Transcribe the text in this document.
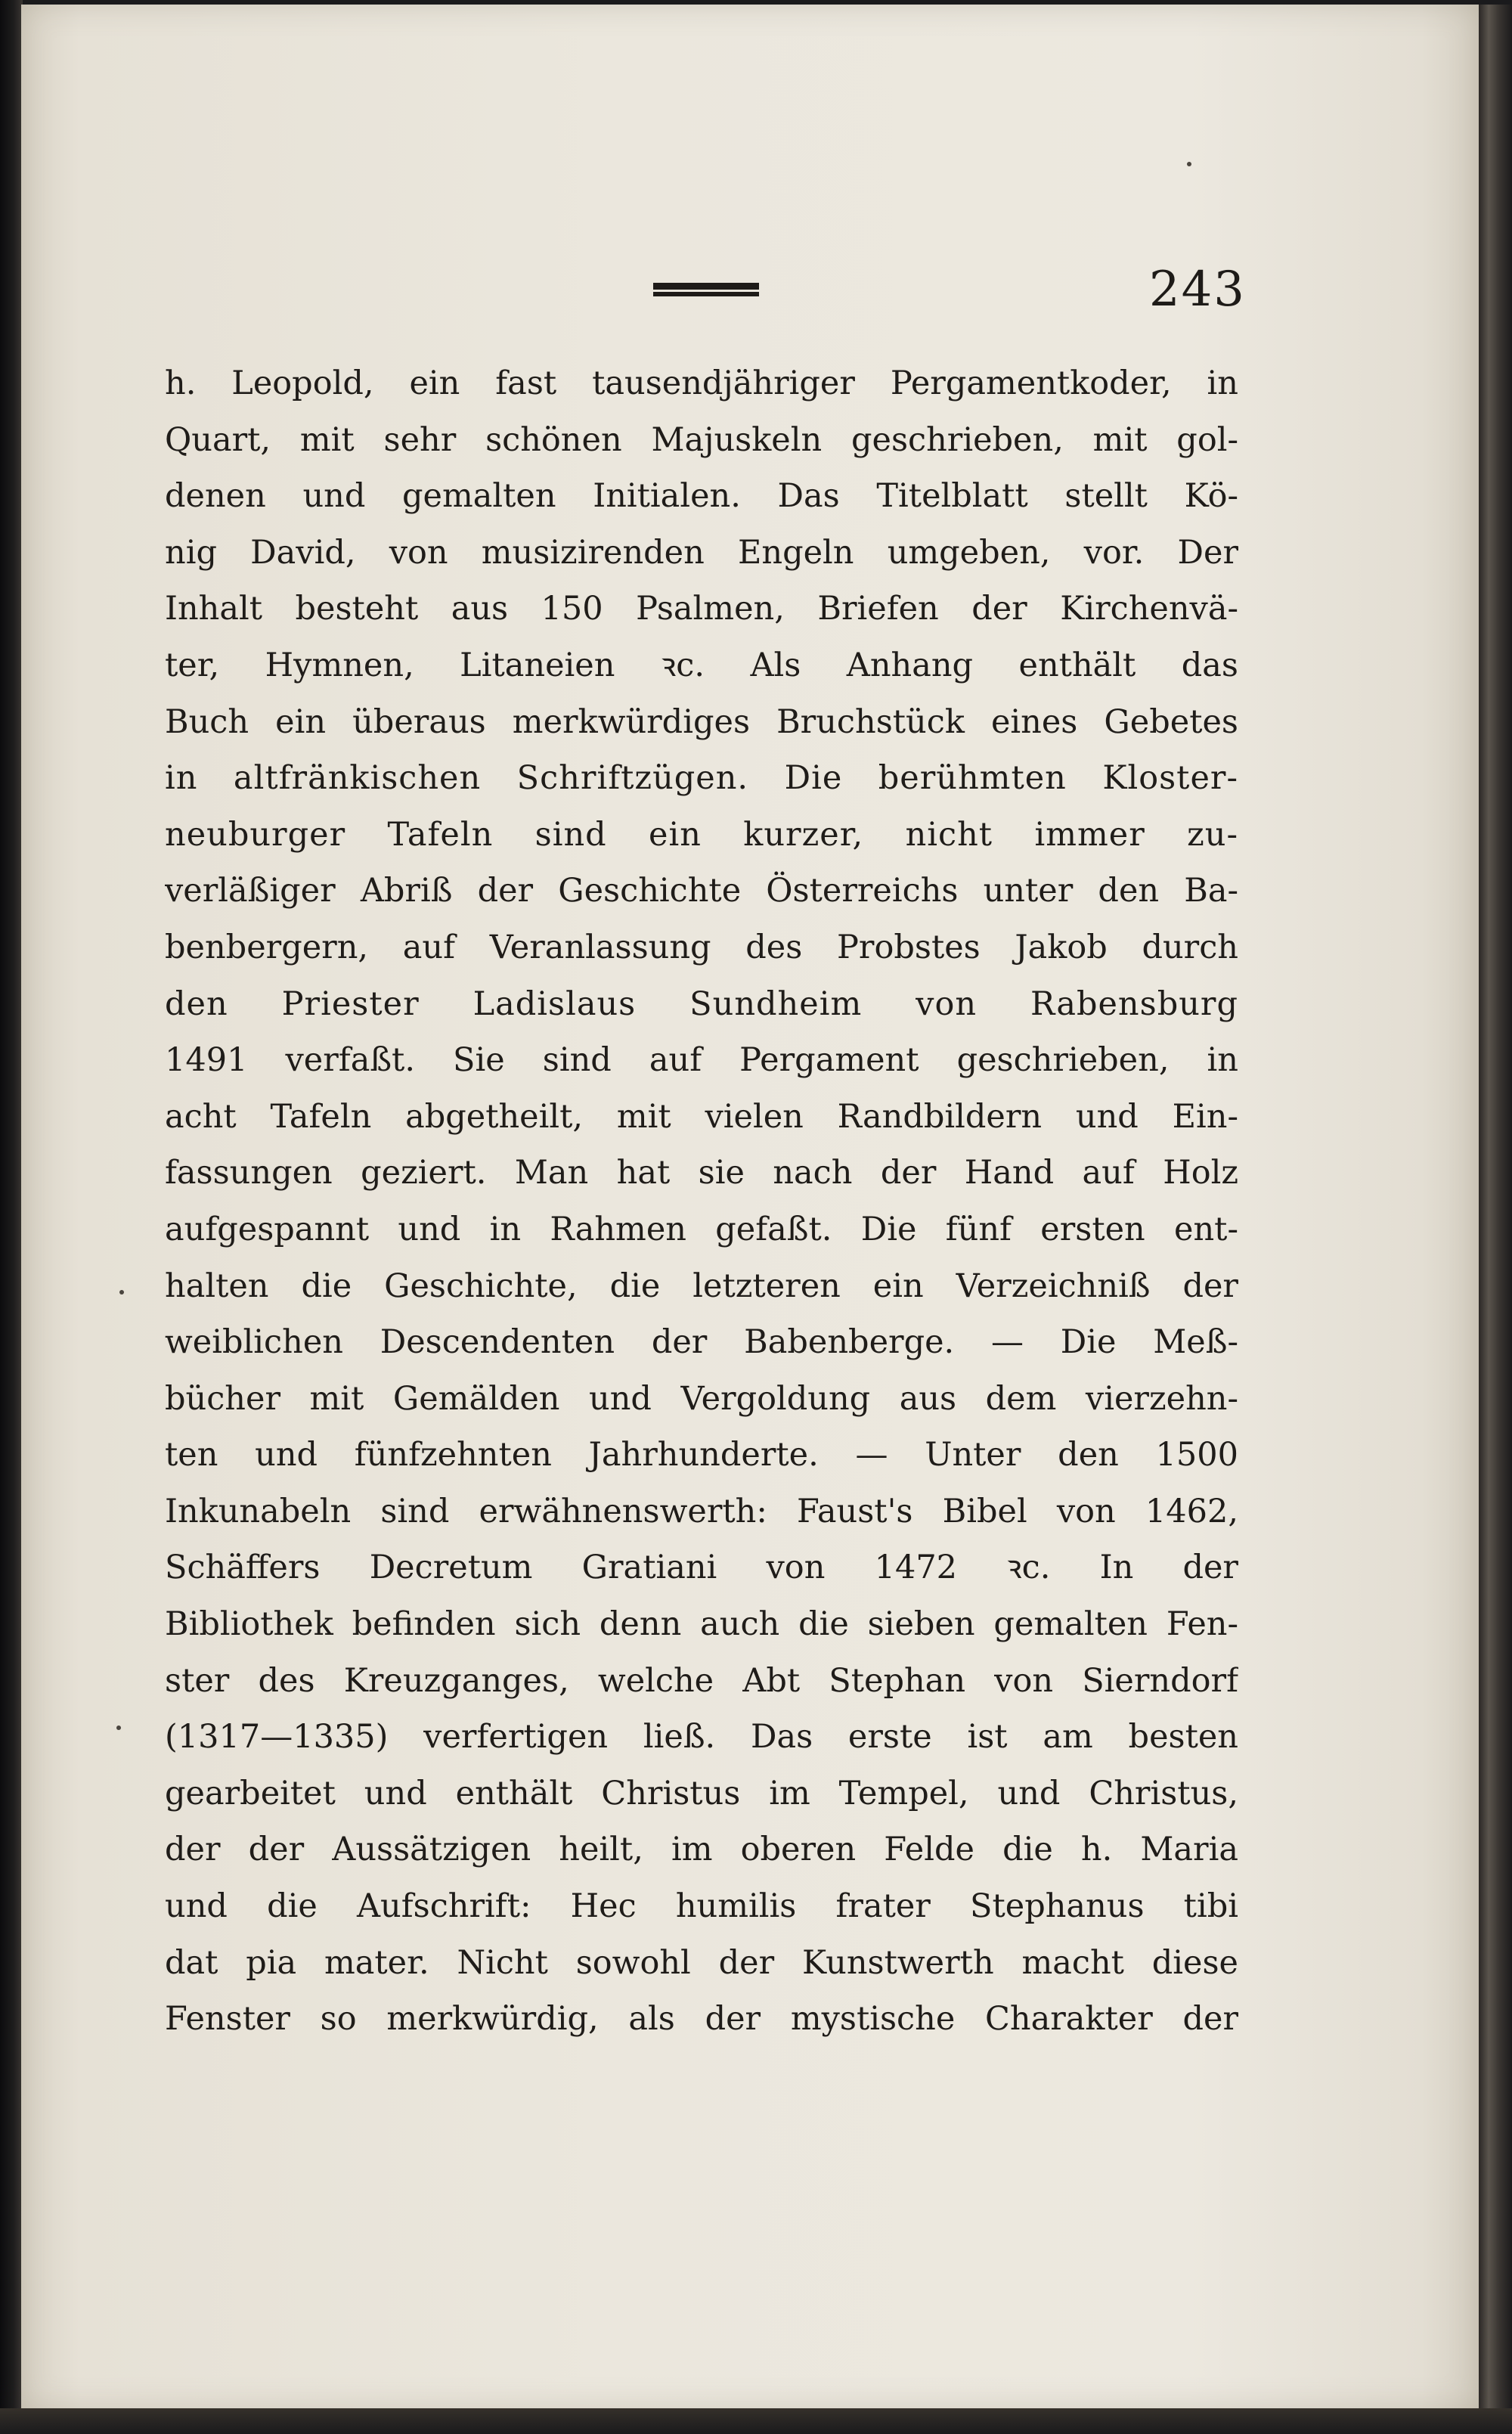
243
h. Leopold, ein fast tausendjähriger Pergamentkoder, in
Quart, mit sehr schönen Majuskeln geschrieben, mit gol-
denen und gemalten Initialen. Das Titelblatt stellt Kö-
nig David, von musizirenden Engeln umgeben, vor. Der
Inhalt besteht aus 150 Psalmen, Briefen der Kirchenvä-
ter, Hymnen, Litaneien ꝛc. Als Anhang enthält das
Buch ein überaus merkwürdiges Bruchstück eines Gebetes
in altfränkischen Schriftzügen. Die berühmten Kloster-
neuburger Tafeln sind ein kurzer, nicht immer zu-
verläßiger Abriß der Geschichte Österreichs unter den Ba-
benbergern, auf Veranlassung des Probstes Jakob durch
den Priester Ladislaus Sundheim von Rabensburg
1491 verfaßt. Sie sind auf Pergament geschrieben, in
acht Tafeln abgetheilt, mit vielen Randbildern und Ein-
fassungen geziert. Man hat sie nach der Hand auf Holz
aufgespannt und in Rahmen gefaßt. Die fünf ersten ent-
halten die Geschichte, die letzteren ein Verzeichniß der
weiblichen Descendenten der Babenberge. — Die Meß-
bücher mit Gemälden und Vergoldung aus dem vierzehn-
ten und fünfzehnten Jahrhunderte. — Unter den 1500
Inkunabeln sind erwähnenswerth: Faust's Bibel von 1462,
Schäffers Decretum Gratiani von 1472 ꝛc. In der
Bibliothek befinden sich denn auch die sieben gemalten Fen-
ster des Kreuzganges, welche Abt Stephan von Sierndorf
(1317—1335) verfertigen ließ. Das erste ist am besten
gearbeitet und enthält Christus im Tempel, und Christus,
der der Aussätzigen heilt, im oberen Felde die h. Maria
und die Aufschrift: Hec humilis frater Stephanus tibi
dat pia mater. Nicht sowohl der Kunstwerth macht diese
Fenster so merkwürdig, als der mystische Charakter der
